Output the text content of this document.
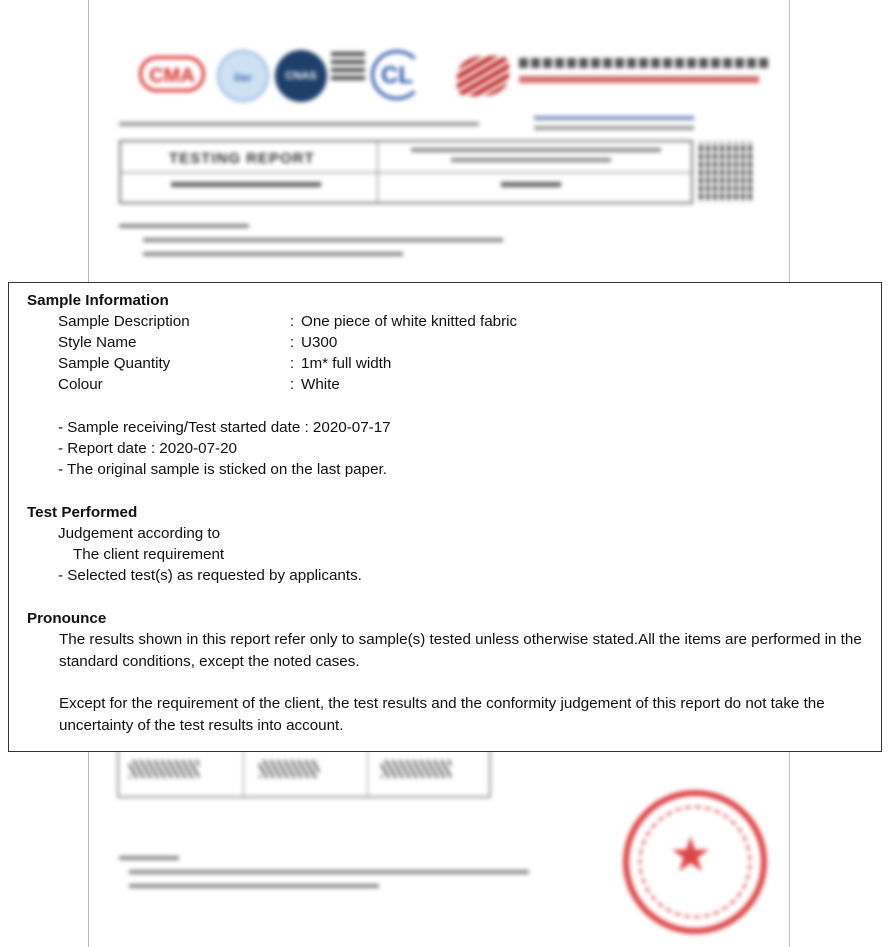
CMA	ilac	CNAS	CL
TESTING REPORT
★
Sample Information
Sample Description	: One piece of white knitted fabric
Style Name	: U300
Sample Quantity	: 1m* full width
Colour	: White
- Sample receiving/Test started date : 2020-07-17
- Report date : 2020-07-20
- The original sample is sticked on the last paper.
Test Performed
Judgement according to
The client requirement
- Selected test(s) as requested by applicants.
Pronounce
The results shown in this report refer only to sample(s) tested unless otherwise stated.All the items are performed in the standard conditions, except the noted cases.
Except for the requirement of the client, the test results and the conformity judgement of this report do not take the uncertainty of the test results into account.
